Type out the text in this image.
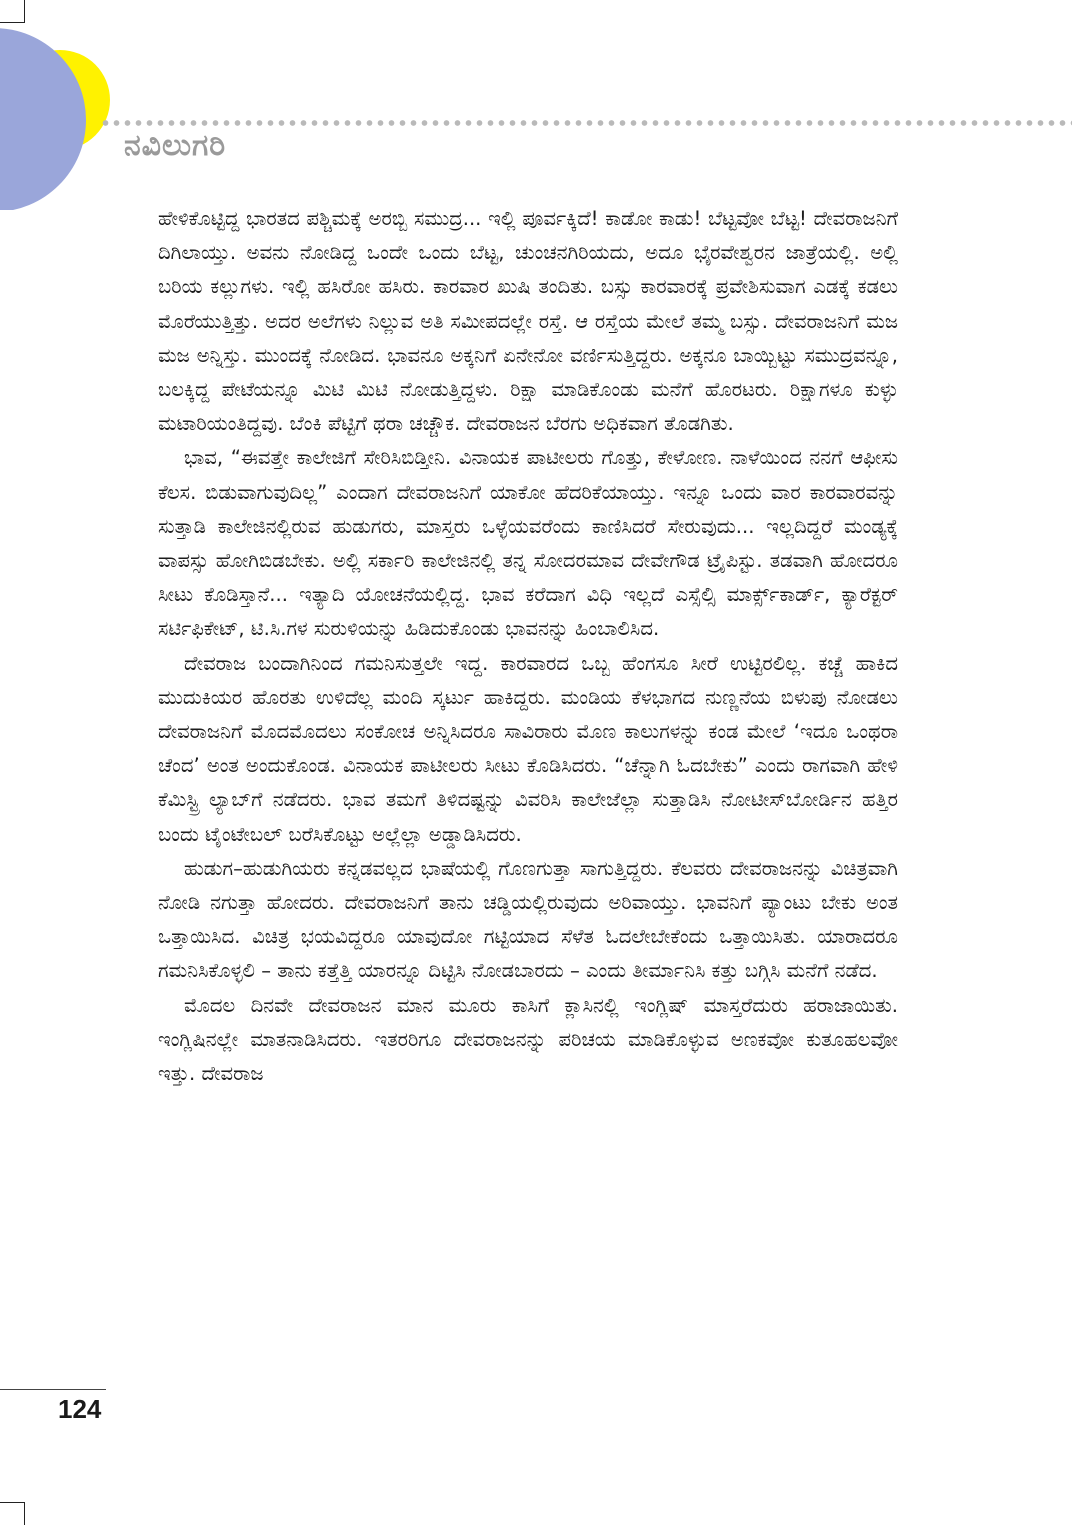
ನವಿಲುಗರಿ

ಹೇಳಿಕೊಟ್ಟಿದ್ದ ಭಾರತದ ಪಶ್ಚಿಮಕ್ಕೆ ಅರಬ್ಬಿ ಸಮುದ್ರ... ಇಲ್ಲಿ ಪೂರ್ವಕ್ಕಿದೆ! ಕಾಡೋ ಕಾಡು! ಬೆಟ್ಟವೋ ಬೆಟ್ಟ! ದೇವರಾಜನಿಗೆ ದಿಗಿಲಾಯ್ತು. ಅವನು ನೋಡಿದ್ದ ಒಂದೇ ಒಂದು ಬೆಟ್ಟ, ಚುಂಚನಗಿರಿಯದು, ಅದೂ ಭೈರವೇಶ್ವರನ ಜಾತ್ರೆಯಲ್ಲಿ. ಅಲ್ಲಿ ಬರಿಯ ಕಲ್ಲುಗಳು. ಇಲ್ಲಿ ಹಸಿರೋ ಹಸಿರು. ಕಾರವಾರ ಖುಷಿ ತಂದಿತು. ಬಸ್ಸು ಕಾರವಾರಕ್ಕೆ ಪ್ರವೇಶಿಸುವಾಗ ಎಡಕ್ಕೆ ಕಡಲು ಮೊರೆಯುತ್ತಿತ್ತು. ಅದರ ಅಲೆಗಳು ನಿಲ್ಲುವ ಅತಿ ಸಮೀಪದಲ್ಲೇ ರಸ್ತೆ. ಆ ರಸ್ತೆಯ ಮೇಲೆ ತಮ್ಮ ಬಸ್ಸು. ದೇವರಾಜನಿಗೆ ಮಜ ಮಜ ಅನ್ನಿಸ್ತು. ಮುಂದಕ್ಕೆ ನೋಡಿದ. ಭಾವನೂ ಅಕ್ಕನಿಗೆ ಏನೇನೋ ವರ್ಣಿಸುತ್ತಿದ್ದರು. ಅಕ್ಕನೂ ಬಾಯ್ಬಿಟ್ಟು ಸಮುದ್ರವನ್ನೂ, ಬಲಕ್ಕಿದ್ದ ಪೇಟೆಯನ್ನೂ ಮಿಟಿ ಮಿಟಿ ನೋಡುತ್ತಿದ್ದಳು. ರಿಕ್ಷಾ ಮಾಡಿಕೊಂಡು ಮನೆಗೆ ಹೊರಟರು. ರಿಕ್ಷಾಗಳೂ ಕುಳ್ಳು ಮಟಾರಿಯಂತಿದ್ದವು. ಬೆಂಕಿ ಪೆಟ್ಟಿಗೆ ಥರಾ ಚಚ್ಚೌಕ. ದೇವರಾಜನ ಬೆರಗು ಅಧಿಕವಾಗ ತೊಡಗಿತು.

ಭಾವ, “ಈವತ್ತೇ ಕಾಲೇಜಿಗೆ ಸೇರಿಸಿಬಿಡ್ತೀನಿ. ವಿನಾಯಕ ಪಾಟೀಲರು ಗೊತ್ತು, ಕೇಳೋಣ. ನಾಳೆಯಿಂದ ನನಗೆ ಆಫೀಸು ಕೆಲಸ. ಬಿಡುವಾಗುವುದಿಲ್ಲ” ಎಂದಾಗ ದೇವರಾಜನಿಗೆ ಯಾಕೋ ಹೆದರಿಕೆಯಾಯ್ತು. ಇನ್ನೂ ಒಂದು ವಾರ ಕಾರವಾರವನ್ನು ಸುತ್ತಾಡಿ ಕಾಲೇಜಿನಲ್ಲಿರುವ ಹುಡುಗರು, ಮಾಸ್ತರು ಒಳ್ಳೆಯವರೆಂದು ಕಾಣಿಸಿದರೆ ಸೇರುವುದು... ಇಲ್ಲದಿದ್ದರೆ ಮಂಡ್ಯಕ್ಕೆ ವಾಪಸ್ಸು ಹೋಗಿಬಿಡಬೇಕು. ಅಲ್ಲಿ ಸರ್ಕಾರಿ ಕಾಲೇಜಿನಲ್ಲಿ ತನ್ನ ಸೋದರಮಾವ ದೇವೇಗೌಡ ಟ್ರೈಪಿಸ್ಟು. ತಡವಾಗಿ ಹೋದರೂ ಸೀಟು ಕೊಡಿಸ್ತಾನೆ... ಇತ್ಯಾದಿ ಯೋಚನೆಯಲ್ಲಿದ್ದ. ಭಾವ ಕರೆದಾಗ ವಿಧಿ ಇಲ್ಲದೆ ಎಸ್ಸೆಲ್ಸಿ ಮಾರ್ಕ್ಸ್‌ಕಾರ್ಡ್, ಕ್ಯಾರೆಕ್ಟರ್ ಸರ್ಟಿಫಿಕೇಟ್, ಟಿ.ಸಿ.ಗಳ ಸುರುಳಿಯನ್ನು ಹಿಡಿದುಕೊಂಡು ಭಾವನನ್ನು ಹಿಂಬಾಲಿಸಿದ.

ದೇವರಾಜ ಬಂದಾಗಿನಿಂದ ಗಮನಿಸುತ್ತಲೇ ಇದ್ದ. ಕಾರವಾರದ ಒಬ್ಬ ಹೆಂಗಸೂ ಸೀರೆ ಉಟ್ಟಿರಲಿಲ್ಲ. ಕಚ್ಚೆ ಹಾಕಿದ ಮುದುಕಿಯರ ಹೊರತು ಉಳಿದೆಲ್ಲ ಮಂದಿ ಸ್ಕರ್ಟು ಹಾಕಿದ್ದರು. ಮಂಡಿಯ ಕೆಳಭಾಗದ ನುಣ್ಣನೆಯ ಬಿಳುಪು ನೋಡಲು ದೇವರಾಜನಿಗೆ ಮೊದಮೊದಲು ಸಂಕೋಚ ಅನ್ನಿಸಿದರೂ ಸಾವಿರಾರು ಮೊಣ ಕಾಲುಗಳನ್ನು ಕಂಡ ಮೇಲೆ ‘ಇದೂ ಒಂಥರಾ ಚೆಂದ’ ಅಂತ ಅಂದುಕೊಂಡ. ವಿನಾಯಕ ಪಾಟೀಲರು ಸೀಟು ಕೊಡಿಸಿದರು. “ಚೆನ್ನಾಗಿ ಓದಬೇಕು” ಎಂದು ರಾಗವಾಗಿ ಹೇಳಿ ಕೆಮಿಸ್ಟ್ರಿ ಲ್ಯಾಬ್‌ಗೆ ನಡೆದರು. ಭಾವ ತಮಗೆ ತಿಳಿದಷ್ಟನ್ನು ವಿವರಿಸಿ ಕಾಲೇಜೆಲ್ಲಾ ಸುತ್ತಾಡಿಸಿ ನೋಟೀಸ್‌ಬೋರ್ಡಿನ ಹತ್ತಿರ ಬಂದು ಟೈಂಟೇಬಲ್ ಬರೆಸಿಕೊಟ್ಟು ಅಲ್ಲೆಲ್ಲಾ ಅಡ್ಡಾಡಿಸಿದರು.

ಹುಡುಗ–ಹುಡುಗಿಯರು ಕನ್ನಡವಲ್ಲದ ಭಾಷೆಯಲ್ಲಿ ಗೊಣಗುತ್ತಾ ಸಾಗುತ್ತಿದ್ದರು. ಕೆಲವರು ದೇವರಾಜನನ್ನು ವಿಚಿತ್ರವಾಗಿ ನೋಡಿ ನಗುತ್ತಾ ಹೋದರು. ದೇವರಾಜನಿಗೆ ತಾನು ಚಡ್ಡಿಯಲ್ಲಿರುವುದು ಅರಿವಾಯ್ತು. ಭಾವನಿಗೆ ಪ್ಯಾಂಟು ಬೇಕು ಅಂತ ಒತ್ತಾಯಿಸಿದ. ವಿಚಿತ್ರ ಭಯವಿದ್ದರೂ ಯಾವುದೋ ಗಟ್ಟಿಯಾದ ಸೆಳೆತ ಓದಲೇಬೇಕೆಂದು ಒತ್ತಾಯಿಸಿತು. ಯಾರಾದರೂ ಗಮನಿಸಿಕೊಳ್ಳಲಿ – ತಾನು ಕತ್ತೆತ್ತಿ ಯಾರನ್ನೂ ದಿಟ್ಟಿಸಿ ನೋಡಬಾರದು – ಎಂದು ತೀರ್ಮಾನಿಸಿ ಕತ್ತು ಬಗ್ಗಿಸಿ ಮನೆಗೆ ನಡೆದ.

ಮೊದಲ ದಿನವೇ ದೇವರಾಜನ ಮಾನ ಮೂರು ಕಾಸಿಗೆ ಕ್ಲಾಸಿನಲ್ಲಿ ಇಂಗ್ಲಿಷ್ ಮಾಸ್ತರೆದುರು ಹರಾಜಾಯಿತು. ಇಂಗ್ಲಿಷಿನಲ್ಲೇ ಮಾತನಾಡಿಸಿದರು. ಇತರರಿಗೂ ದೇವರಾಜನನ್ನು ಪರಿಚಯ ಮಾಡಿಕೊಳ್ಳುವ ಅಣಕವೋ ಕುತೂಹಲವೋ ಇತ್ತು. ದೇವರಾಜ

124
